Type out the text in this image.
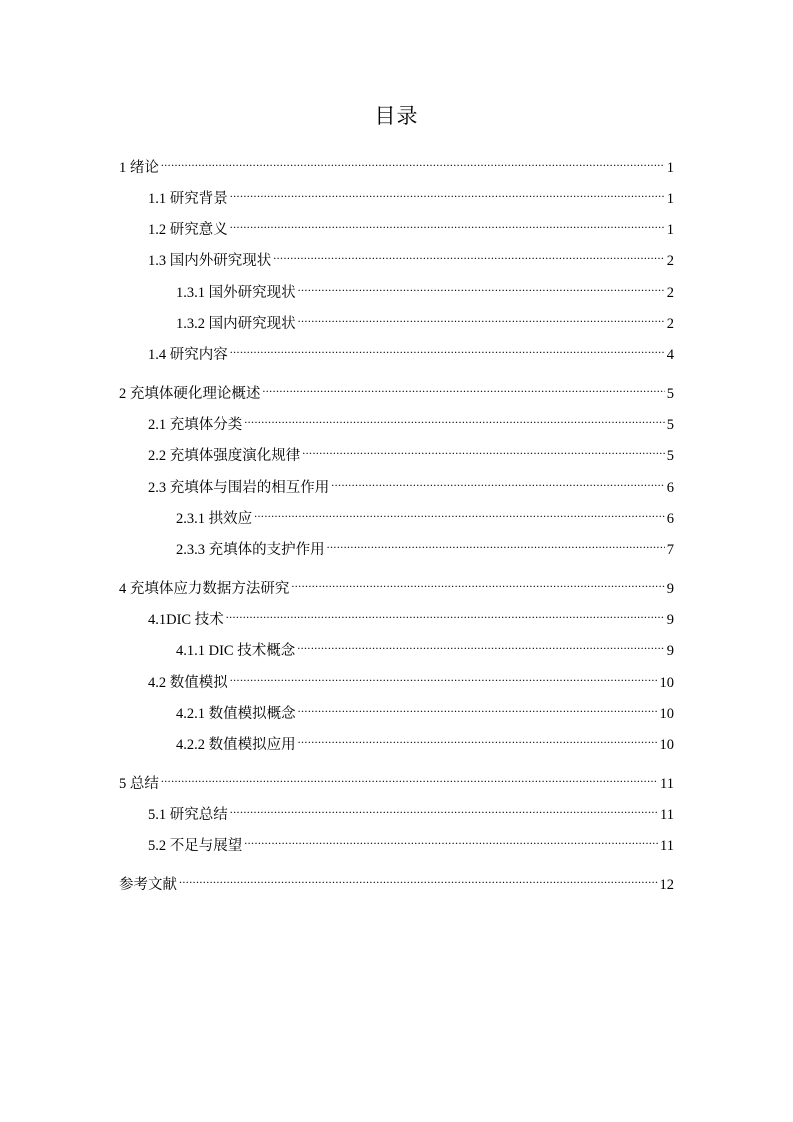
目录
1 绪论 .....	1
1.1 研究背景 .....	1
1.2 研究意义 .....	1
1.3 国内外研究现状 .....	2
1.3.1 国外研究现状 .....	2
1.3.2 国内研究现状 .....	2
1.4 研究内容 .....	4
2 充填体硬化理论概述 .....	5
2.1 充填体分类 .....	5
2.2 充填体强度演化规律 .....	5
2.3 充填体与围岩的相互作用 .....	6
2.3.1 拱效应 .....	6
2.3.3 充填体的支护作用 .....	7
4 充填体应力数据方法研究 .....	9
4.1DIC 技术 .....	9
4.1.1 DIC 技术概念 .....	9
4.2 数值模拟 .....	10
4.2.1 数值模拟概念 .....	10
4.2.2 数值模拟应用 .....	10
5 总结 .....	11
5.1 研究总结 .....	11
5.2 不足与展望 .....	11
参考文献 .....	12
